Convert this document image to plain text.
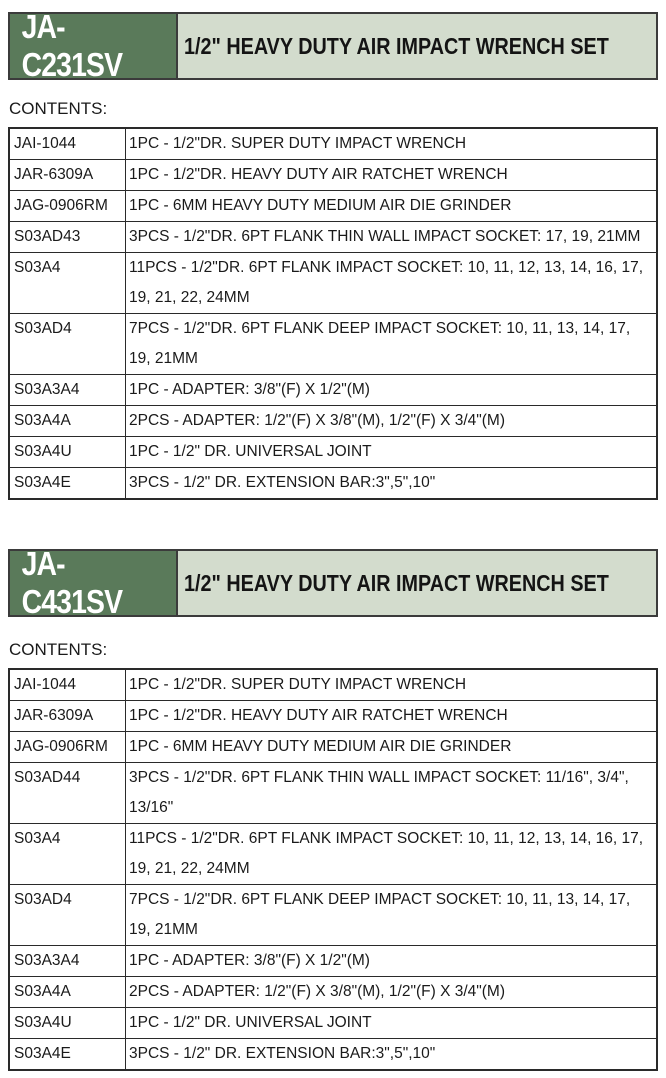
JA-C231SV
1/2" HEAVY DUTY AIR IMPACT WRENCH SET
CONTENTS:
JAI-1044	1PC - 1/2"DR. SUPER DUTY IMPACT WRENCH
JAR-6309A	1PC - 1/2"DR. HEAVY DUTY AIR RATCHET WRENCH
JAG-0906RM	1PC - 6MM HEAVY DUTY MEDIUM AIR DIE GRINDER
S03AD43	3PCS - 1/2"DR. 6PT FLANK THIN WALL IMPACT SOCKET: 17, 19, 21MM
S03A4	11PCS - 1/2"DR. 6PT FLANK IMPACT SOCKET: 10, 11, 12, 13, 14, 16, 17, 19, 21, 22, 24MM
S03AD4	7PCS - 1/2"DR. 6PT FLANK DEEP IMPACT SOCKET: 10, 11, 13, 14, 17, 19, 21MM
S03A3A4	1PC - ADAPTER: 3/8"(F) X 1/2"(M)
S03A4A	2PCS - ADAPTER: 1/2"(F) X 3/8"(M), 1/2"(F) X 3/4"(M)
S03A4U	1PC - 1/2" DR. UNIVERSAL JOINT
S03A4E	3PCS - 1/2" DR. EXTENSION BAR:3",5",10"
JA-C431SV
1/2" HEAVY DUTY AIR IMPACT WRENCH SET
CONTENTS:
JAI-1044	1PC - 1/2"DR. SUPER DUTY IMPACT WRENCH
JAR-6309A	1PC - 1/2"DR. HEAVY DUTY AIR RATCHET WRENCH
JAG-0906RM	1PC - 6MM HEAVY DUTY MEDIUM AIR DIE GRINDER
S03AD44	3PCS - 1/2"DR. 6PT FLANK THIN WALL IMPACT SOCKET: 11/16", 3/4", 13/16"
S03A4	11PCS - 1/2"DR. 6PT FLANK IMPACT SOCKET: 10, 11, 12, 13, 14, 16, 17, 19, 21, 22, 24MM
S03AD4	7PCS - 1/2"DR. 6PT FLANK DEEP IMPACT SOCKET: 10, 11, 13, 14, 17, 19, 21MM
S03A3A4	1PC - ADAPTER: 3/8"(F) X 1/2"(M)
S03A4A	2PCS - ADAPTER: 1/2"(F) X 3/8"(M), 1/2"(F) X 3/4"(M)
S03A4U	1PC - 1/2" DR. UNIVERSAL JOINT
S03A4E	3PCS - 1/2" DR. EXTENSION BAR:3",5",10"
